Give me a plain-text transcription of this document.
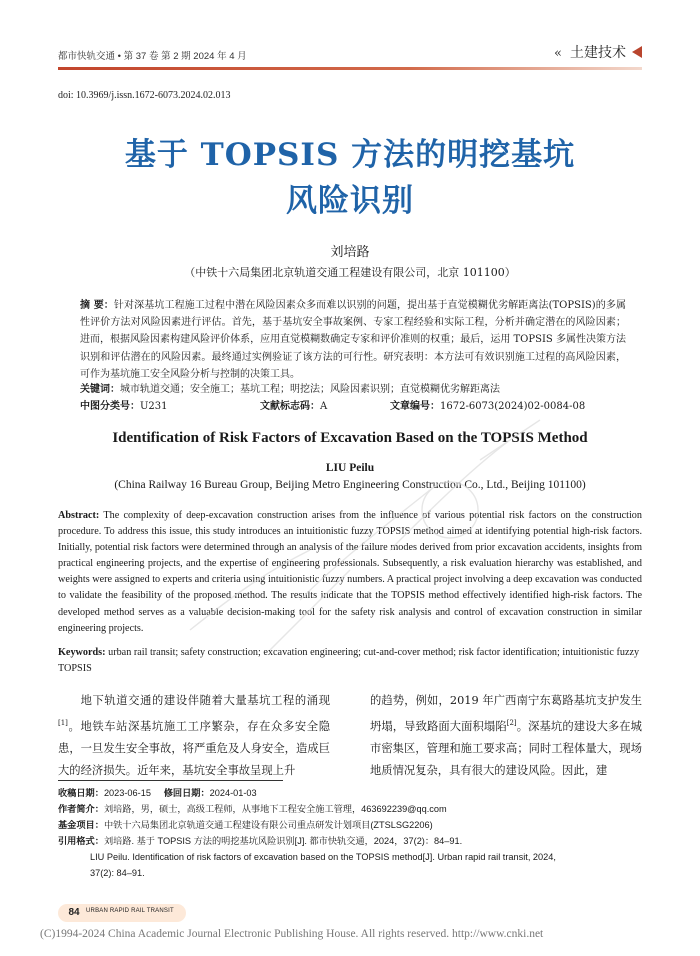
都市快轨交通 • 第 37 卷 第 2 期 2024 年 4 月	« 土建技术
doi: 10.3969/j.issn.1672-6073.2024.02.013
基于 TOPSIS 方法的明挖基坑
风险识别
刘培路
（中铁十六局集团北京轨道交通工程建设有限公司，北京 101100）
摘 要：针对深基坑工程施工过程中潜在风险因素众多而难以识别的问题，提出基于直觉模糊优劣解距离法(TOPSIS)的多属性评价方法对风险因素进行评估。首先，基于基坑安全事故案例、专家工程经验和实际工程，分析并确定潜在的风险因素；进而，根据风险因素构建风险评价体系，应用直觉模糊数确定专家和评价准则的权重；最后，运用 TOPSIS 多属性决策方法识别和评估潜在的风险因素。最终通过实例验证了该方法的可行性。研究表明：本方法可有效识别施工过程的高风险因素，可作为基坑施工安全风险分析与控制的决策工具。
关键词：城市轨道交通；安全施工；基坑工程；明挖法；风险因素识别；直觉模糊优劣解距离法
中图分类号：U231	文献标志码：A	文章编号：1672-6073(2024)02-0084-08
Identification of Risk Factors of Excavation Based on the TOPSIS Method
LIU Peilu
(China Railway 16 Bureau Group, Beijing Metro Engineering Construction Co., Ltd., Beijing 101100)
Abstract: The complexity of deep-excavation construction arises from the influence of various potential risk factors on the construction procedure. To address this issue, this study introduces an intuitionistic fuzzy TOPSIS method aimed at identifying potential high-risk factors. Initially, potential risk factors were determined through an analysis of the failure modes derived from prior excavation accidents, insights from practical engineering projects, and the expertise of engineering professionals. Subsequently, a risk evaluation hierarchy was established, and weights were assigned to experts and criteria using intuitionistic fuzzy numbers. A practical project involving a deep excavation was conducted to validate the feasibility of the proposed method. The results indicate that the TOPSIS method effectively identified high-risk factors. The developed method serves as a valuable decision-making tool for the safety risk analysis and control of excavation construction in similar engineering projects.
Keywords: urban rail transit; safety construction; excavation engineering; cut-and-cover method; risk factor identification; intuitionistic fuzzy TOPSIS

地下轨道交通的建设伴随着大量基坑工程的涌现[1]。地铁车站深基坑施工工序繁杂，存在众多安全隐患，一旦发生安全事故，将严重危及人身安全，造成巨大的经济损失。近年来，基坑安全事故呈现上升

的趋势，例如，2019 年广西南宁东葛路基坑支护发生坍塌，导致路面大面积塌陷[2]。深基坑的建设大多在城市密集区，管理和施工要求高；同时工程体量大，现场地质情况复杂，具有很大的建设风险。因此，建

收稿日期：2023-06-15 修回日期：2024-01-03
作者简介：刘培路，男，硕士，高级工程师，从事地下工程安全施工管理，463692239@qq.com
基金项目：中铁十六局集团北京轨道交通工程建设有限公司重点研发计划项目(ZTSLSG2206)
引用格式：刘培路. 基于 TOPSIS 方法的明挖基坑风险识别[J]. 都市快轨交通，2024，37(2)：84–91.
LIU Peilu. Identification of risk factors of excavation based on the TOPSIS method[J]. Urban rapid rail transit, 2024,
37(2): 84–91.
84	URBAN RAPID RAIL TRANSIT
(C)1994-2024 China Academic Journal Electronic Publishing House. All rights reserved. http://www.cnki.net
